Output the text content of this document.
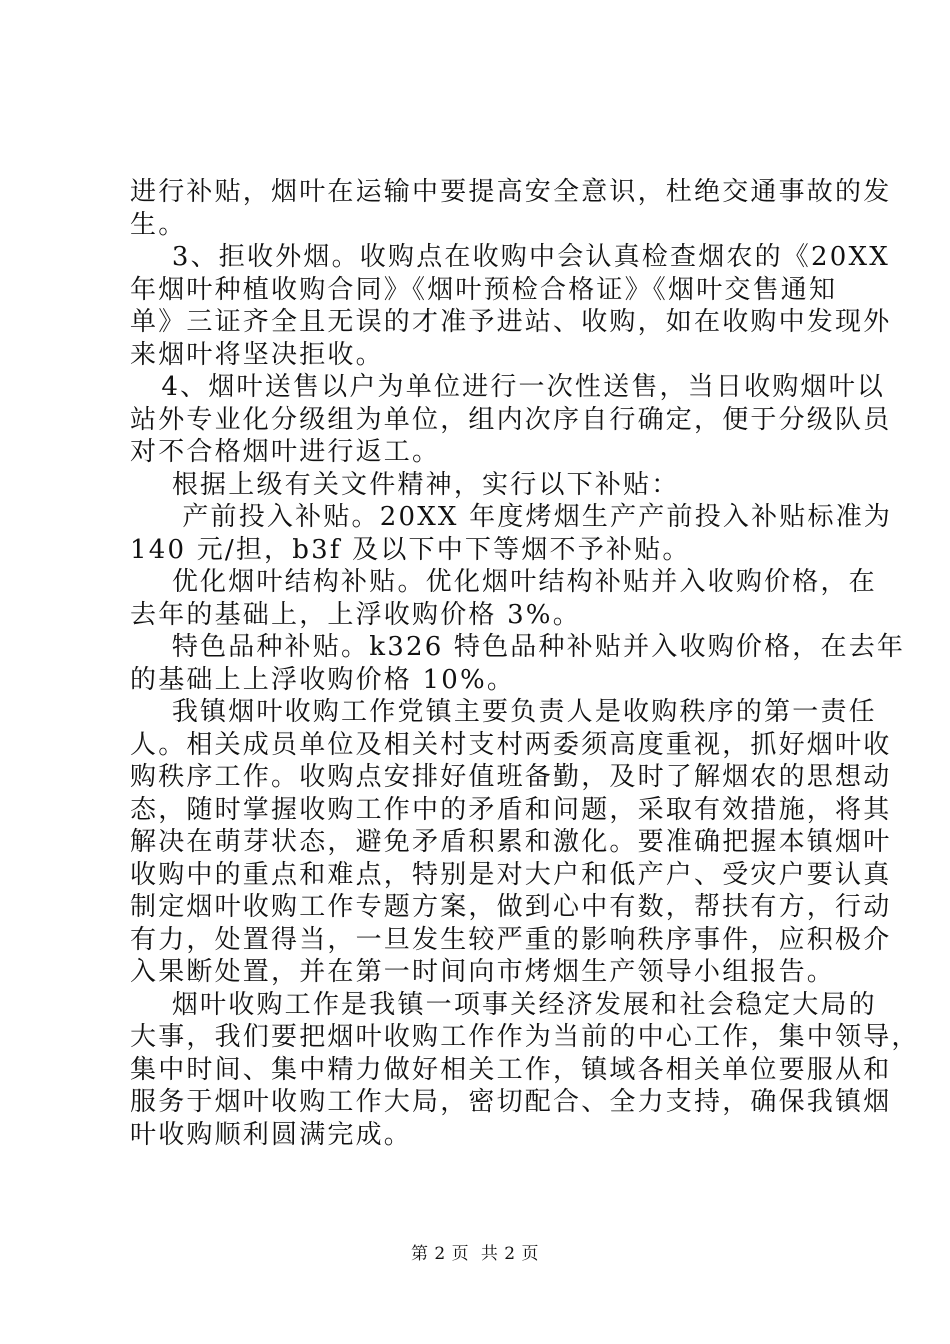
进行补贴，烟叶在运输中要提高安全意识，杜绝交通事故的发
生。
3、拒收外烟。收购点在收购中会认真检查烟农的《20XX
年烟叶种植收购合同》《烟叶预检合格证》《烟叶交售通知
单》三证齐全且无误的才准予进站、收购，如在收购中发现外
来烟叶将坚决拒收。
4、烟叶送售以户为单位进行一次性送售，当日收购烟叶以
站外专业化分级组为单位，组内次序自行确定，便于分级队员
对不合格烟叶进行返工。
根据上级有关文件精神，实行以下补贴：
产前投入补贴。20XX 年度烤烟生产产前投入补贴标准为
140 元/担，b3f 及以下中下等烟不予补贴。
优化烟叶结构补贴。优化烟叶结构补贴并入收购价格，在
去年的基础上，上浮收购价格 3%。
特色品种补贴。k326 特色品种补贴并入收购价格，在去年
的基础上上浮收购价格 10%。
我镇烟叶收购工作党镇主要负责人是收购秩序的第一责任
人。相关成员单位及相关村支村两委须高度重视，抓好烟叶收
购秩序工作。收购点安排好值班备勤，及时了解烟农的思想动
态，随时掌握收购工作中的矛盾和问题，采取有效措施，将其
解决在萌芽状态，避免矛盾积累和激化。要准确把握本镇烟叶
收购中的重点和难点，特别是对大户和低产户、受灾户要认真
制定烟叶收购工作专题方案，做到心中有数，帮扶有方，行动
有力，处置得当，一旦发生较严重的影响秩序事件，应积极介
入果断处置，并在第一时间向市烤烟生产领导小组报告。
烟叶收购工作是我镇一项事关经济发展和社会稳定大局的
大事，我们要把烟叶收购工作作为当前的中心工作，集中领导，
集中时间、集中精力做好相关工作，镇域各相关单位要服从和
服务于烟叶收购工作大局，密切配合、全力支持，确保我镇烟
叶收购顺利圆满完成。
第 2 页  共 2 页
